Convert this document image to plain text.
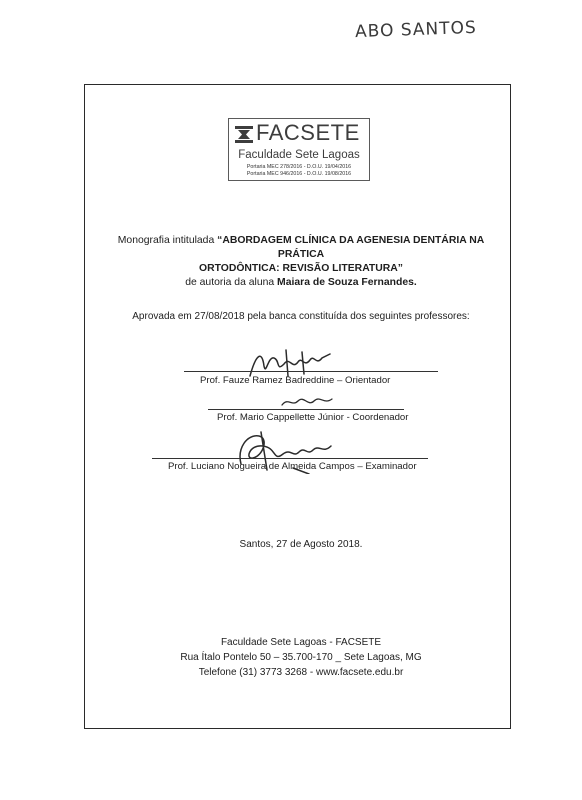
ABO SANTOS
FACSETE
Faculdade Sete Lagoas
Portaria MEC 278/2016 - D.O.U. 19/04/2016
Portaria MEC 946/2016 - D.O.U. 19/08/2016
Monografia intitulada “ABORDAGEM CLÍNICA DA AGENESIA DENTÁRIA NA PRÁTICA
ORTODÔNTICA: REVISÃO LITERATURA”
de autoria da aluna Maiara de Souza Fernandes.
Aprovada em 27/08/2018 pela banca constituída dos seguintes professores:
Prof. Fauze Ramez Badreddine – Orientador
Prof. Mario Cappellette Júnior - Coordenador
Prof. Luciano Nogueira de Almeida Campos – Examinador
Santos, 27 de Agosto 2018.
Faculdade Sete Lagoas - FACSETE
Rua Ítalo Pontelo 50 – 35.700-170 _ Sete Lagoas, MG
Telefone (31) 3773 3268 - www.facsete.edu.br
